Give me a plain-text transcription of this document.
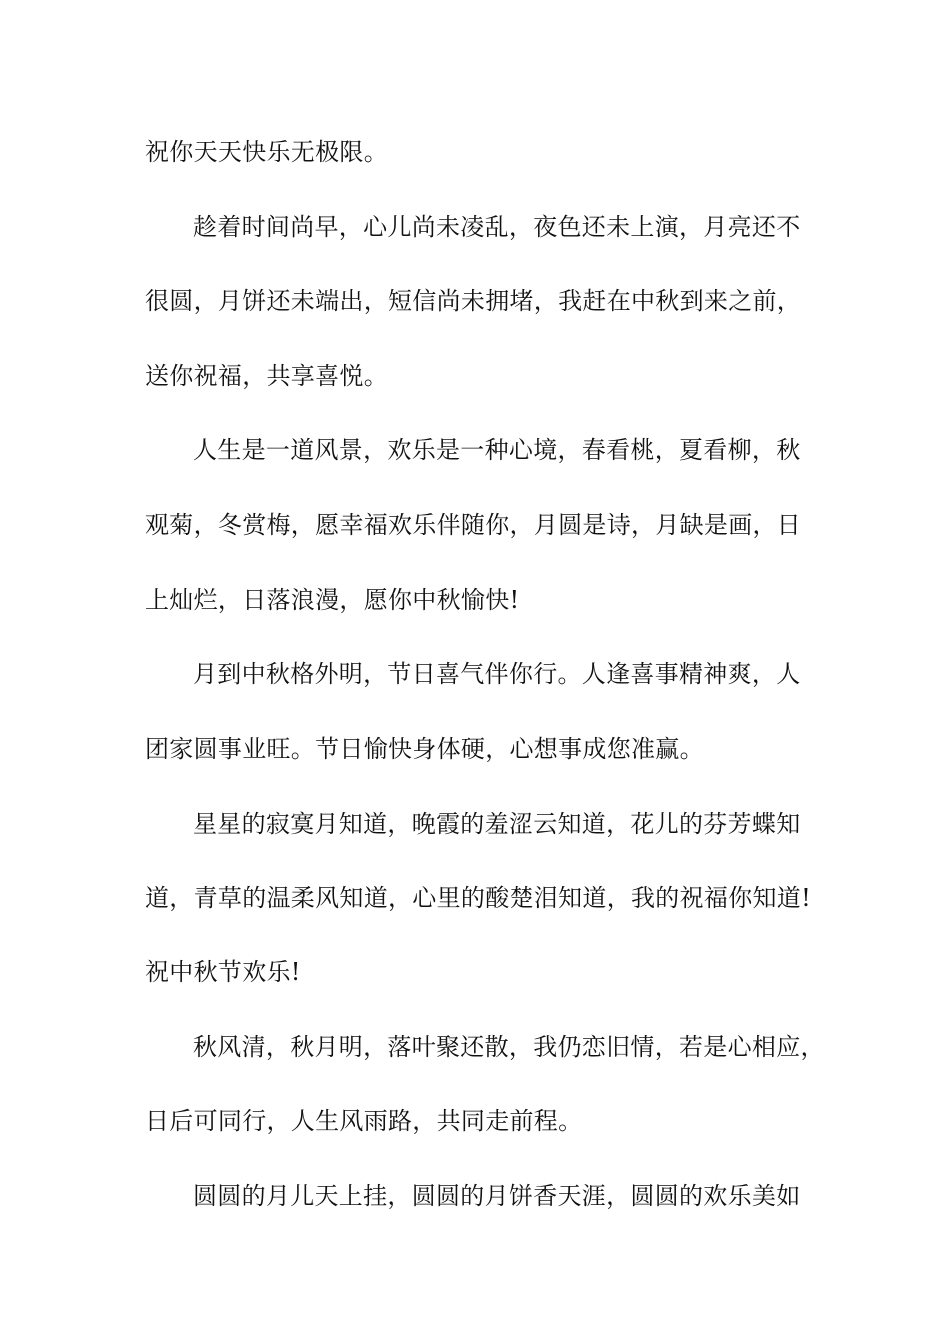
祝你天天快乐无极限。
趁着时间尚早，心儿尚未凌乱，夜色还未上演，月亮还不
很圆，月饼还未端出，短信尚未拥堵，我赶在中秋到来之前，
送你祝福，共享喜悦。
人生是一道风景，欢乐是一种心境，春看桃，夏看柳，秋
观菊，冬赏梅，愿幸福欢乐伴随你，月圆是诗，月缺是画，日
上灿烂，日落浪漫，愿你中秋愉快!
月到中秋格外明，节日喜气伴你行。人逢喜事精神爽，人
团家圆事业旺。节日愉快身体硬，心想事成您准赢。
星星的寂寞月知道，晚霞的羞涩云知道，花儿的芬芳蝶知
道，青草的温柔风知道，心里的酸楚泪知道，我的祝福你知道!
祝中秋节欢乐!
秋风清，秋月明，落叶聚还散，我仍恋旧情，若是心相应，
日后可同行，人生风雨路，共同走前程。
圆圆的月儿天上挂，圆圆的月饼香天涯，圆圆的欢乐美如
